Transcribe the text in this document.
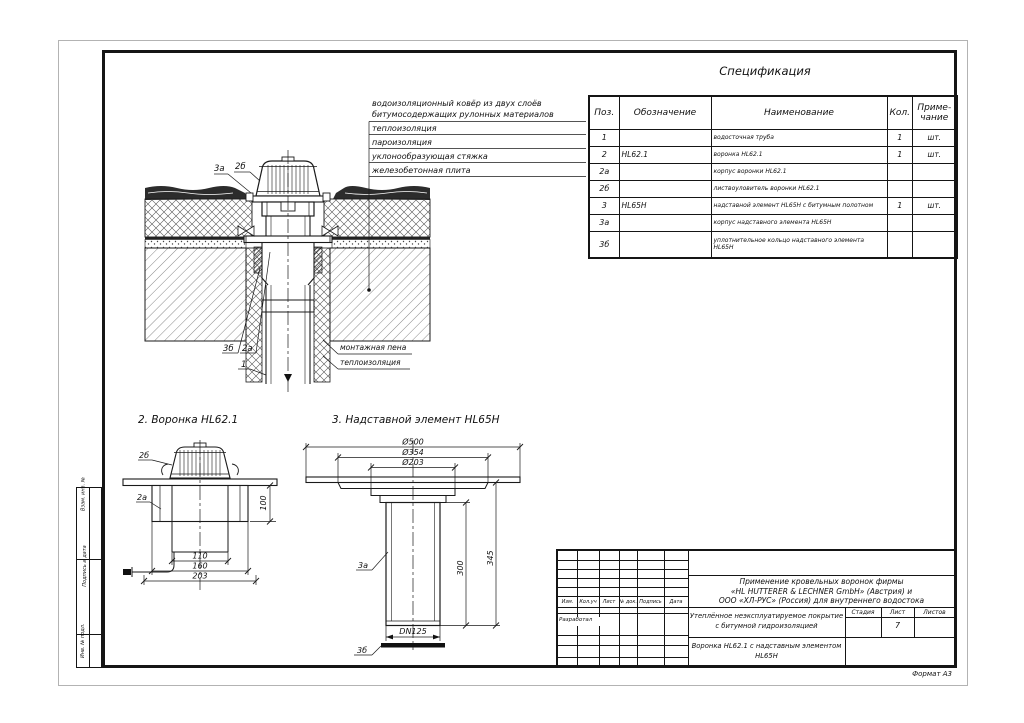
3а 2б
3б 2а
1
110
160
203
100
2б
2а
Ø500
Ø354
Ø203
300
345
DN125
3а
3б
водоизоляционный ковёр из двух слоёв
битумосодержащих рулонных материалов
теплоизоляция
пароизоляция
уклонообразующая стяжка
железобетонная плита
монтажная пена
теплоизоляция
2. Воронка HL62.1	3. Надставной элемент HL65H
Спецификация
Поз.	Обозначение	Наименование	Кол.	Приме-
чание

1		водосточная труба	1	шт.
2	HL62.1	воронка HL62.1	1	шт.
2а		корпус воронки HL62.1		
2б		листвоуловитель воронки HL62.1		
3	HL65H	надставной элемент HL65H с битумным полотном	1	шт.
3а		корпус надставного элемента HL65H		
3б		уплотнительное кольцо надставного элемента HL65H		
Изм.	Кол.уч	Лист № док. Подпись	Дата
Разработал
Применение кровельных воронок фирмы
«HL HUTTERER & LECHNER GmbH» (Австрия) и
ООО «ХЛ-РУС» (Россия) для внутреннего водостока
Утеплённое неэксплуатируемое покрытие
с битумной гидроизоляцией
Стадия	Лист	Листов
7
Воронка HL62.1 с надставным элементом
HL65H
Взам. инв. №
Подпись и дата
Инв. № подл.
Формат А3
